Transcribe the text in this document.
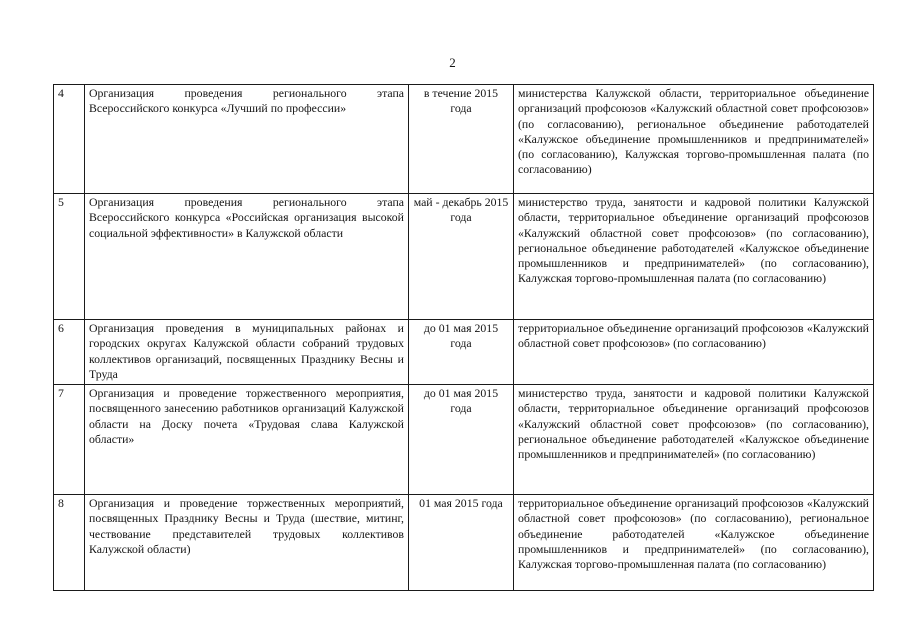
2
4	Организация проведения регионального этапа Всероссийского конкурса «Лучший по профессии»	в течение 2015 года	министерства Калужской области, территориальное объединение организаций профсоюзов «Калужский областной совет профсоюзов» (по согласованию), региональное объединение работодателей «Калужское объединение промышленников и предпринимателей» (по согласованию), Калужская торгово-промышленная палата (по согласованию)
5	Организация проведения регионального этапа Всероссийского конкурса «Российская организация высокой социальной эффективности» в Калужской области	май - декабрь 2015 года	министерство труда, занятости и кадровой политики Калужской области, территориальное объединение организаций профсоюзов «Калужский областной совет профсоюзов» (по согласованию), региональное объединение работодателей «Калужское объединение промышленников и предпринимателей» (по согласованию), Калужская торгово-промышленная палата (по согласованию)
6	Организация проведения в муниципальных районах и городских округах Калужской области собраний трудовых коллективов организаций, посвященных Празднику Весны и Труда	до 01 мая 2015 года	территориальное объединение организаций профсоюзов «Калужский областной совет профсоюзов» (по согласованию)
7	Организация и проведение торжественного мероприятия, посвященного занесению работников организаций Калужской области на Доску почета «Трудовая слава Калужской области»	до 01 мая 2015 года	министерство труда, занятости и кадровой политики Калужской области, территориальное объединение организаций профсоюзов «Калужский областной совет профсоюзов» (по согласованию), региональное объединение работодателей «Калужское объединение промышленников и предпринимателей» (по согласованию)
8	Организация и проведение торжественных мероприятий, посвященных Празднику Весны и Труда (шествие, митинг, чествование представителей трудовых коллективов Калужской области)	01 мая 2015 года	территориальное объединение организаций профсоюзов «Калужский областной совет профсоюзов» (по согласованию), региональное объединение работодателей «Калужское объединение промышленников и предпринимателей» (по согласованию), Калужская торгово-промышленная палата (по согласованию)
